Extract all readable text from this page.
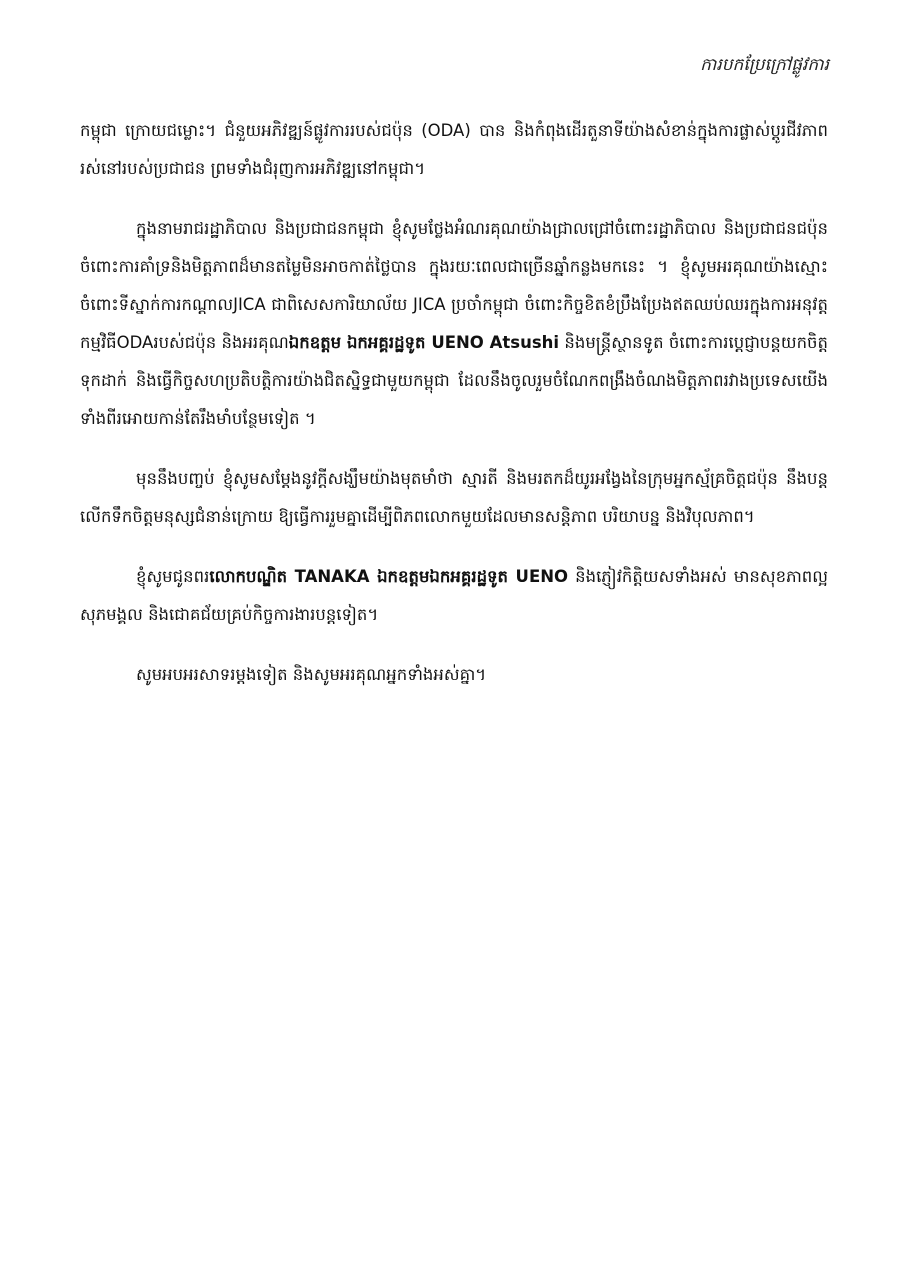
ការបកប្រែក្រៅផ្លូវការ

កម្ពុជា ក្រោយជម្លោះ។ ជំនួយអភិវឌ្ឍន៍ផ្លូវការរបស់ជប៉ុន (ODA) បាន និងកំពុងដើរតួនាទីយ៉ាងសំខាន់ក្នុងការផ្លាស់ប្តូរជីវភាពរស់នៅរបស់ប្រជាជន ព្រមទាំងជំរុញការអភិវឌ្ឍនៅកម្ពុជា។

ក្នុងនាមរាជរដ្ឋាភិបាល និងប្រជាជនកម្ពុជា ខ្ញុំសូមថ្លែងអំណរគុណយ៉ាងជ្រាលជ្រៅចំពោះរដ្ឋាភិបាល និងប្រជាជនជប៉ុន ចំពោះការគាំទ្រនិងមិត្តភាពដ៏មានតម្លៃមិនអាចកាត់ថ្លៃបាន ក្នុងរយៈពេលជាច្រើនឆ្នាំកន្លងមកនេះ ។ ខ្ញុំសូមអរគុណយ៉ាងស្មោះ ចំពោះទីស្នាក់ការកណ្តាលJICA ជាពិសេសការិយាល័យ JICA ប្រចាំកម្ពុជា ចំពោះកិច្ចខិតខំប្រឹងប្រែងឥតឈប់ឈរក្នុងការអនុវត្តកម្មវិធីODAរបស់ជប៉ុន និងអរគុណឯកឧត្តម ឯកអគ្គរដ្ឋទូត UENO Atsushi និងមន្ត្រីស្ថានទូត ចំពោះការប្តេជ្ញាបន្តយកចិត្តទុកដាក់ និងធ្វើកិច្ចសហប្រតិបត្តិការយ៉ាងជិតស្និទ្ធជាមួយកម្ពុជា ដែលនឹងចូលរួមចំណែកពង្រឹងចំណងមិត្តភាពរវាងប្រទេសយើងទាំងពីរអោយកាន់តែរឹងមាំបន្ថែមទៀត ។

មុននឹងបញ្ចប់ ខ្ញុំសូមសម្តែងនូវក្តីសង្ឃឹមយ៉ាងមុតមាំថា ស្មារតី និងមរតកដ៏យូរអង្វែងនៃក្រុមអ្នកស្ម័គ្រចិត្តជប៉ុន នឹងបន្តលើកទឹកចិត្តមនុស្សជំនាន់ក្រោយ ឱ្យធ្វើការរួមគ្នាដើម្បីពិភពលោកមួយដែលមានសន្តិភាព បរិយាបន្ន និងវិបុលភាព។

ខ្ញុំសូមជូនពរលោកបណ្ឌិត TANAKA ឯកឧត្តមឯកអគ្គរដ្ឋទូត UENO និងភ្ញៀវកិត្តិយសទាំងអស់ មានសុខភាពល្អ សុភមង្គល និងជោគជ័យគ្រប់កិច្ចការងារបន្តទៀត។

សូមអបអរសាទរម្តងទៀត និងសូមអរគុណអ្នកទាំងអស់គ្នា។
